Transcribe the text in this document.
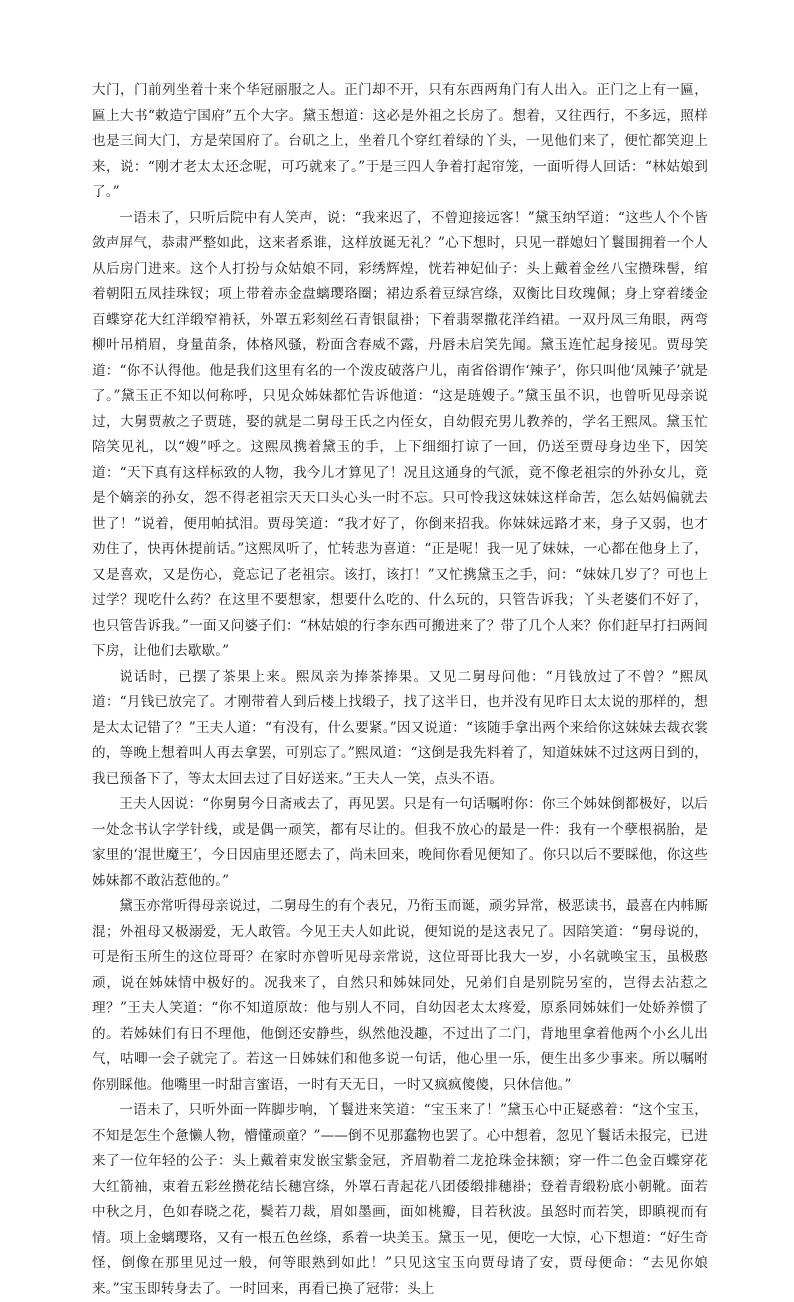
大门，门前列坐着十来个华冠丽服之人。正门却不开，只有东西两角门有人出入。正门之上有一匾，匾上大书“敕造宁国府”五个大字。黛玉想道：这必是外祖之长房了。想着，又往西行，不多远，照样也是三间大门，方是荣国府了。台矶之上，坐着几个穿红着绿的丫头，一见他们来了，便忙都笑迎上来，说：“刚才老太太还念呢，可巧就来了。”于是三四人争着打起帘笼，一面听得人回话：“林姑娘到了。”

一语未了，只听后院中有人笑声，说：“我来迟了，不曾迎接远客！”黛玉纳罕道：“这些人个个皆敛声屏气，恭肃严整如此，这来者系谁，这样放诞无礼？”心下想时，只见一群媳妇丫鬟围拥着一个人从后房门进来。这个人打扮与众姑娘不同，彩绣辉煌，恍若神妃仙子：头上戴着金丝八宝攒珠髻，绾着朝阳五凤挂珠钗；项上带着赤金盘螭璎珞圈；裙边系着豆绿宫绦，双衡比目玫瑰佩；身上穿着缕金百蝶穿花大红洋缎窄褃袄，外罩五彩刻丝石青银鼠褂；下着翡翠撒花洋绉裙。一双丹凤三角眼，两弯柳叶吊梢眉，身量苗条，体格风骚，粉面含春威不露，丹唇未启笑先闻。黛玉连忙起身接见。贾母笑道：“你不认得他。他是我们这里有名的一个泼皮破落户儿，南省俗谓作‘辣子’，你只叫他‘凤辣子’就是了。”黛玉正不知以何称呼，只见众姊妹都忙告诉他道：“这是琏嫂子。”黛玉虽不识，也曾听见母亲说过，大舅贾赦之子贾琏，娶的就是二舅母王氏之内侄女，自幼假充男儿教养的，学名王熙凤。黛玉忙陪笑见礼，以“嫂”呼之。这熙凤携着黛玉的手，上下细细打谅了一回，仍送至贾母身边坐下，因笑道：“天下真有这样标致的人物，我今儿才算见了！况且这通身的气派，竟不像老祖宗的外孙女儿，竟是个嫡亲的孙女，怨不得老祖宗天天口头心头一时不忘。只可怜我这妹妹这样命苦，怎么姑妈偏就去世了！”说着，便用帕拭泪。贾母笑道：“我才好了，你倒来招我。你妹妹远路才来，身子又弱，也才劝住了，快再休提前话。”这熙凤听了，忙转悲为喜道：“正是呢！我一见了妹妹，一心都在他身上了，又是喜欢，又是伤心，竟忘记了老祖宗。该打，该打！”又忙携黛玉之手，问：“妹妹几岁了？可也上过学？现吃什么药？在这里不要想家，想要什么吃的、什么玩的，只管告诉我；丫头老婆们不好了，也只管告诉我。”一面又问婆子们：“林姑娘的行李东西可搬进来了？带了几个人来？你们赶早打扫两间下房，让他们去歇歇。”

说话时，已摆了茶果上来。熙凤亲为捧茶捧果。又见二舅母问他：“月钱放过了不曾？”熙凤道：“月钱已放完了。才刚带着人到后楼上找缎子，找了这半日，也并没有见昨日太太说的那样的，想是太太记错了？”王夫人道：“有没有，什么要紧。”因又说道：“该随手拿出两个来给你这妹妹去裁衣裳的，等晚上想着叫人再去拿罢，可别忘了。”熙凤道：“这倒是我先料着了，知道妹妹不过这两日到的，我已预备下了，等太太回去过了目好送来。”王夫人一笑，点头不语。

王夫人因说：“你舅舅今日斋戒去了，再见罢。只是有一句话嘱咐你：你三个姊妹倒都极好，以后一处念书认字学针线，或是偶一顽笑，都有尽让的。但我不放心的最是一件：我有一个孽根祸胎，是家里的‘混世魔王’，今日因庙里还愿去了，尚未回来，晚间你看见便知了。你只以后不要睬他，你这些姊妹都不敢沾惹他的。”

黛玉亦常听得母亲说过，二舅母生的有个表兄，乃衔玉而诞，顽劣异常，极恶读书，最喜在内帏厮混；外祖母又极溺爱，无人敢管。今见王夫人如此说，便知说的是这表兄了。因陪笑道：“舅母说的，可是衔玉所生的这位哥哥？在家时亦曾听见母亲常说，这位哥哥比我大一岁，小名就唤宝玉，虽极憨顽，说在姊妹情中极好的。况我来了，自然只和姊妹同处，兄弟们自是别院另室的，岂得去沾惹之理？”王夫人笑道：“你不知道原故：他与别人不同，自幼因老太太疼爱，原系同姊妹们一处娇养惯了的。若姊妹们有日不理他，他倒还安静些，纵然他没趣，不过出了二门，背地里拿着他两个小幺儿出气，咕唧一会子就完了。若这一日姊妹们和他多说一句话，他心里一乐，便生出多少事来。所以嘱咐你别睬他。他嘴里一时甜言蜜语，一时有天无日，一时又疯疯傻傻，只休信他。”

一语未了，只听外面一阵脚步响，丫鬟进来笑道：“宝玉来了！”黛玉心中正疑惑着：“这个宝玉，不知是怎生个惫懒人物，懵懂顽童？”——倒不见那蠢物也罢了。心中想着，忽见丫鬟话未报完，已进来了一位年轻的公子：头上戴着束发嵌宝紫金冠，齐眉勒着二龙抢珠金抹额；穿一件二色金百蝶穿花大红箭袖，束着五彩丝攒花结长穗宫绦，外罩石青起花八团倭缎排穗褂；登着青缎粉底小朝靴。面若中秋之月，色如春晓之花，鬓若刀裁，眉如墨画，面如桃瓣，目若秋波。虽怒时而若笑，即瞋视而有情。项上金螭璎珞，又有一根五色丝绦，系着一块美玉。黛玉一见，便吃一大惊，心下想道：“好生奇怪，倒像在那里见过一般，何等眼熟到如此！”只见这宝玉向贾母请了安，贾母便命：“去见你娘来。”宝玉即转身去了。一时回来，再看已换了冠带：头上
